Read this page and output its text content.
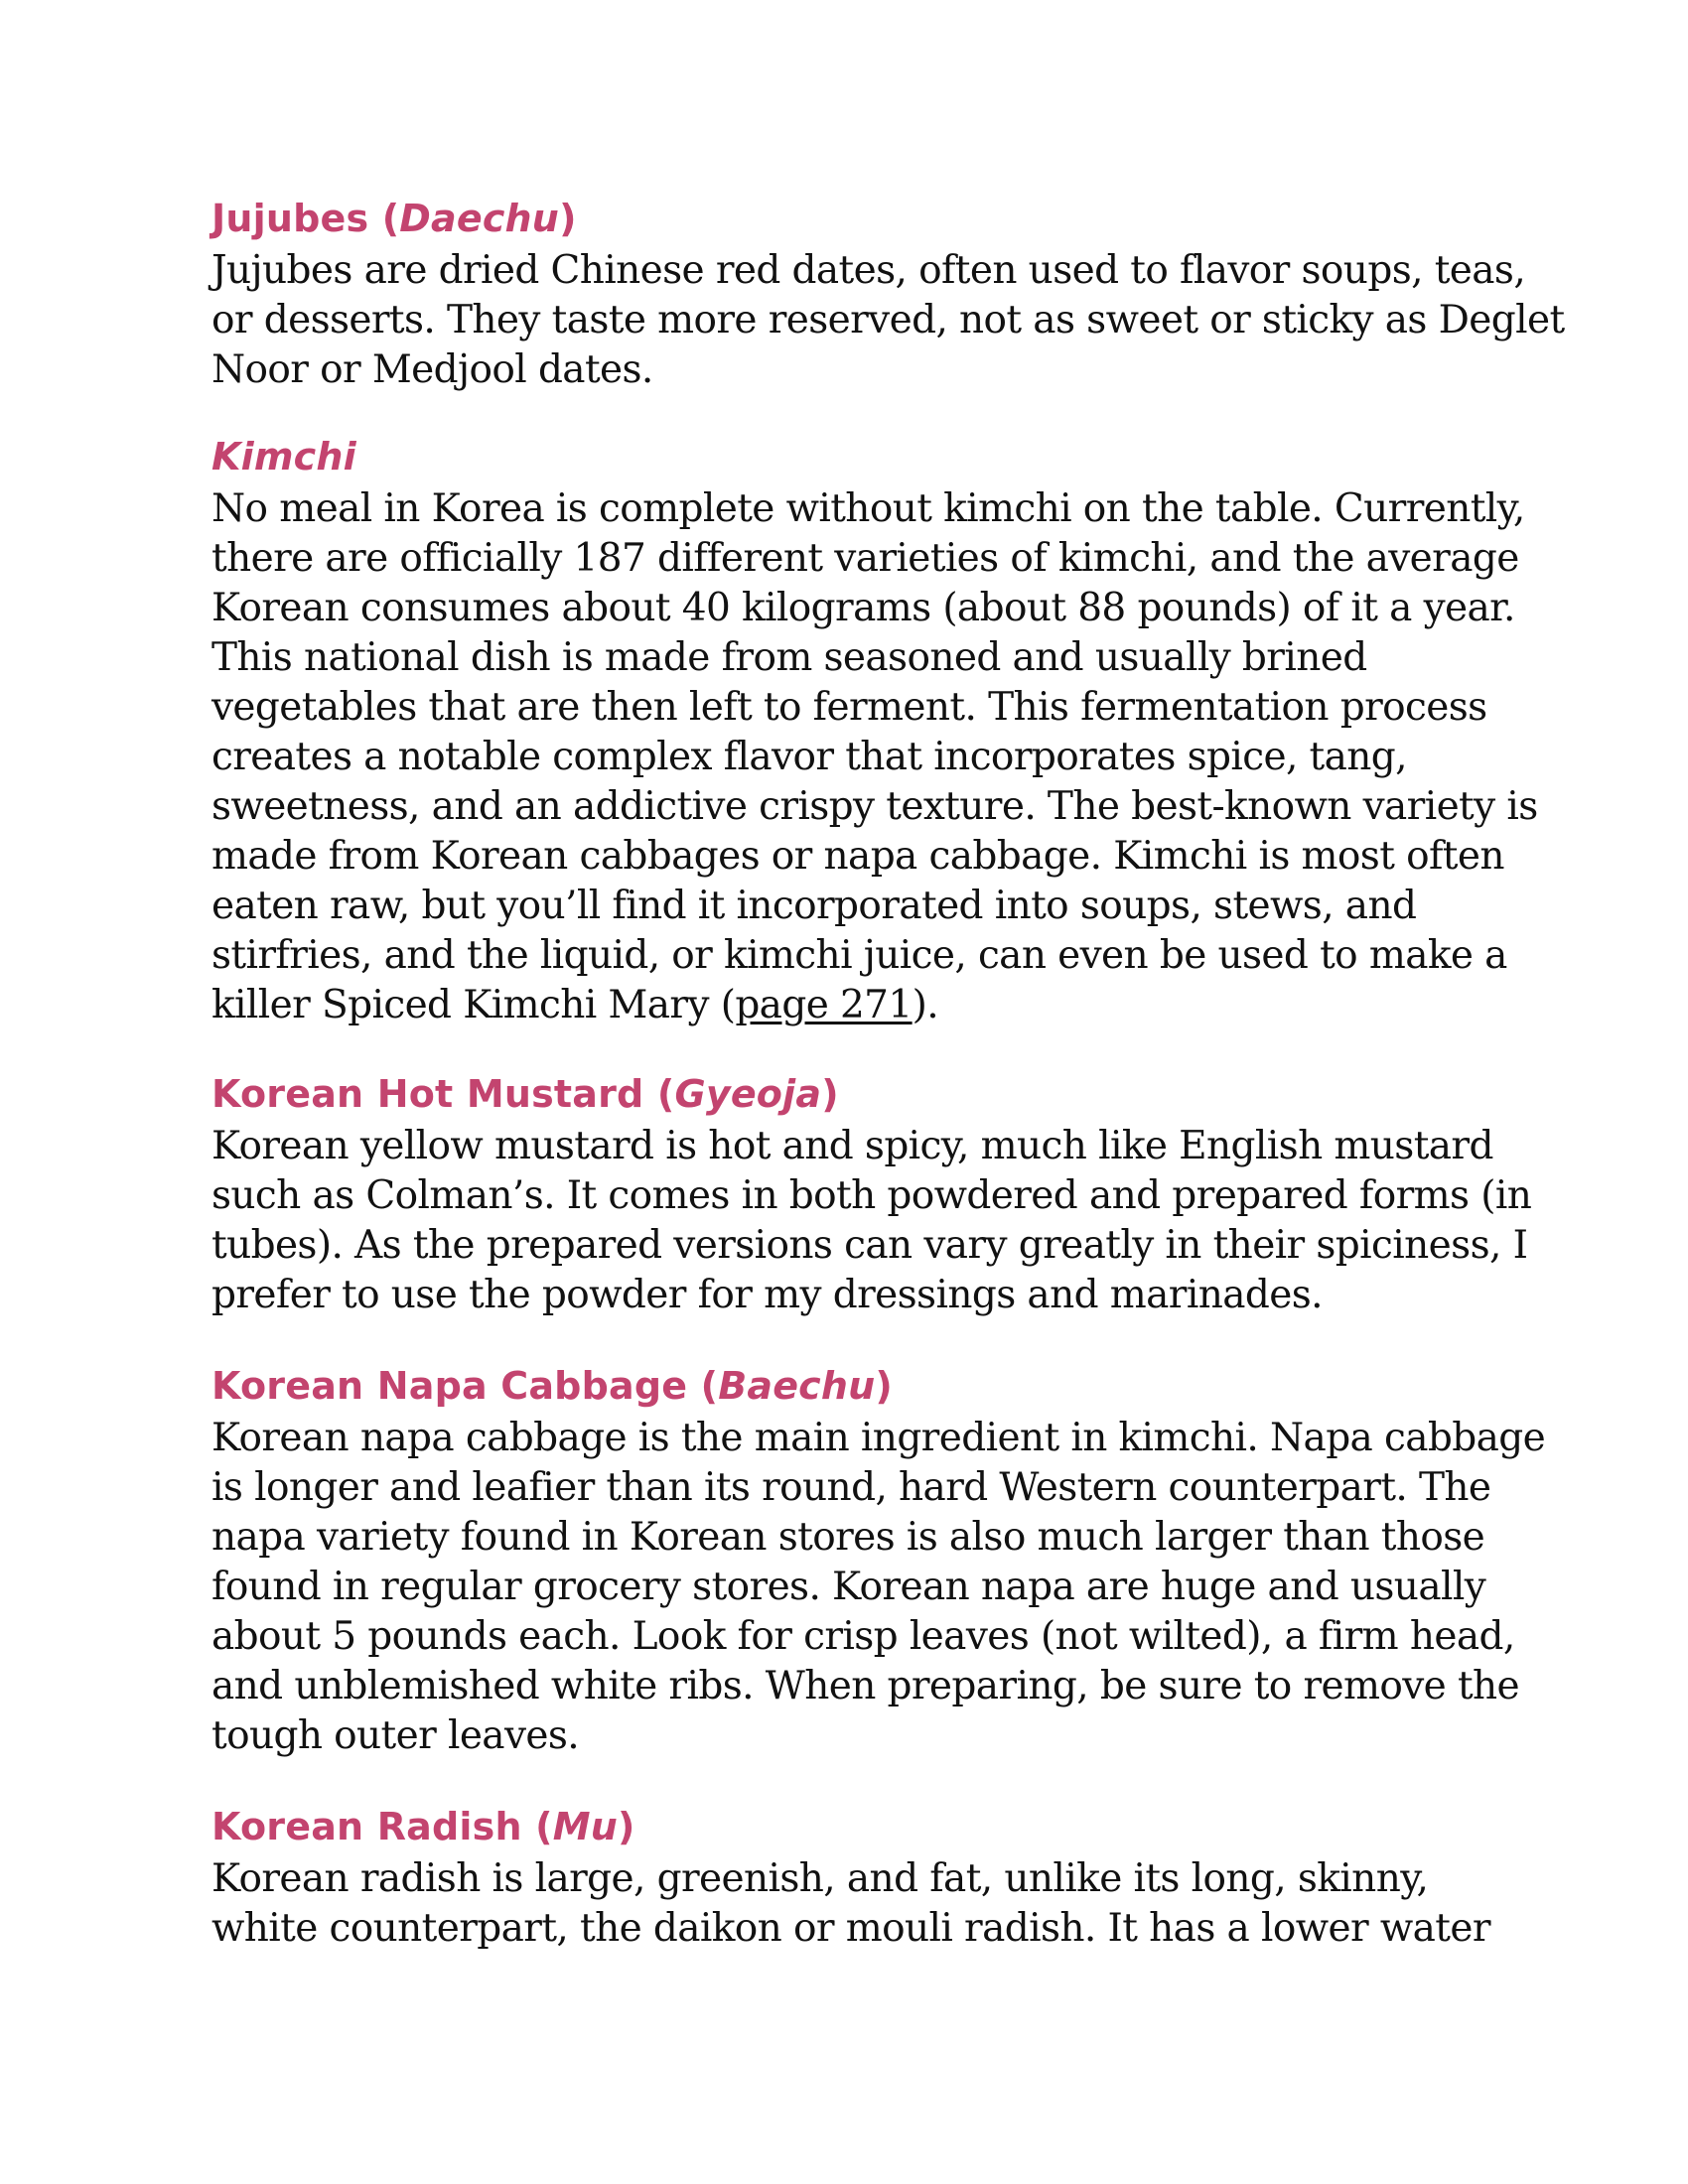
Jujubes (Daechu)

Jujubes are dried Chinese red dates, often used to flavor soups, teas,
or desserts. They taste more reserved, not as sweet or sticky as Deglet
Noor or Medjool dates.

Kimchi

No meal in Korea is complete without kimchi on the table. Currently,
there are officially 187 different varieties of kimchi, and the average
Korean consumes about 40 kilograms (about 88 pounds) of it a year.
This national dish is made from seasoned and usually brined
vegetables that are then left to ferment. This fermentation process
creates a notable complex flavor that incorporates spice, tang,
sweetness, and an addictive crispy texture. The best-known variety is
made from Korean cabbages or napa cabbage. Kimchi is most often
eaten raw, but you’ll find it incorporated into soups, stews, and
stirfries, and the liquid, or kimchi juice, can even be used to make a
killer Spiced Kimchi Mary (page 271).

Korean Hot Mustard (Gyeoja)

Korean yellow mustard is hot and spicy, much like English mustard
such as Colman’s. It comes in both powdered and prepared forms (in
tubes). As the prepared versions can vary greatly in their spiciness, I
prefer to use the powder for my dressings and marinades.

Korean Napa Cabbage (Baechu)

Korean napa cabbage is the main ingredient in kimchi. Napa cabbage
is longer and leafier than its round, hard Western counterpart. The
napa variety found in Korean stores is also much larger than those
found in regular grocery stores. Korean napa are huge and usually
about 5 pounds each. Look for crisp leaves (not wilted), a firm head,
and unblemished white ribs. When preparing, be sure to remove the
tough outer leaves.

Korean Radish (Mu)

Korean radish is large, greenish, and fat, unlike its long, skinny,
white counterpart, the daikon or mouli radish. It has a lower water
